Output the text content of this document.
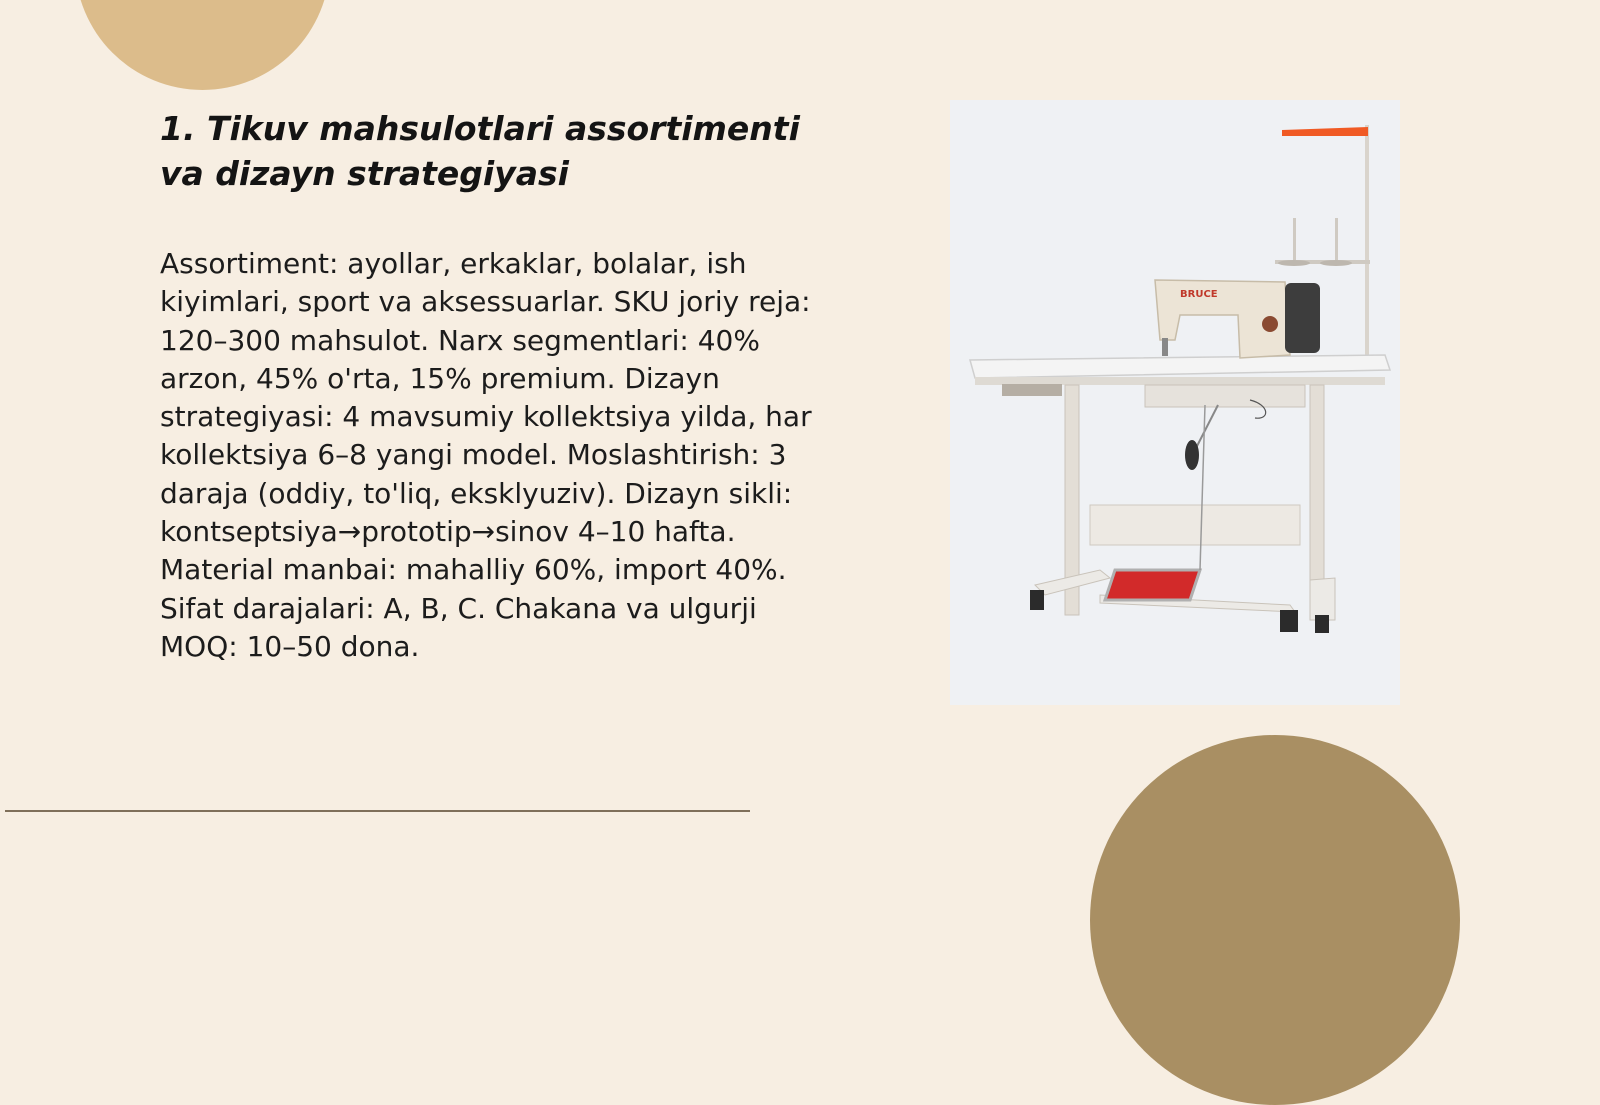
1. Tikuv mahsulotlari assortimenti va dizayn strategiyasi

Assortiment: ayollar, erkaklar, bolalar, ish kiyimlari, sport va aksessuarlar. SKU joriy reja: 120–300 mahsulot. Narx segmentlari: 40% arzon, 45% o'rta, 15% premium. Dizayn strategiyasi: 4 mavsumiy kollektsiya yilda, har kollektsiya 6–8 yangi model. Moslashtirish: 3 daraja (oddiy, to'liq, eksklyuziv). Dizayn sikli: kontseptsiya→prototip→sinov 4–10 hafta. Material manbai: mahalliy 60%, import 40%. Sifat darajalari: A, B, C. Chakana va ulgurji MOQ: 10–50 dona.

BRUCE
